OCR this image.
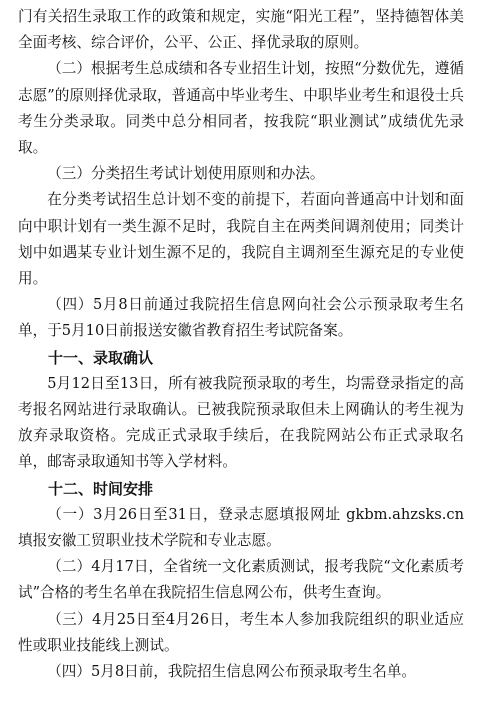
门有关招生录取工作的政策和规定，实施“阳光工程”，坚持德智体美全面考核、综合评价，公平、公正、择优录取的原则。

（二）根据考生总成绩和各专业招生计划，按照“分数优先，遵循志愿”的原则择优录取，普通高中毕业考生、中职毕业考生和退役士兵考生分类录取。同类中总分相同者，按我院“职业测试”成绩优先录取。

（三）分类招生考试计划使用原则和办法。

在分类考试招生总计划不变的前提下，若面向普通高中计划和面向中职计划有一类生源不足时，我院自主在两类间调剂使用；同类计划中如遇某专业计划生源不足的，我院自主调剂至生源充足的专业使用。

（四）5月8日前通过我院招生信息网向社会公示预录取考生名单，于5月10日前报送安徽省教育招生考试院备案。

十一、录取确认

5月12日至13日，所有被我院预录取的考生，均需登录指定的高考报名网站进行录取确认。已被我院预录取但未上网确认的考生视为放弃录取资格。完成正式录取手续后，在我院网站公布正式录取名单，邮寄录取通知书等入学材料。

十二、时间安排

（一）3月26日至31日，登录志愿填报网址 gkbm.ahzsks.cn 填报安徽工贸职业技术学院和专业志愿。

（二）4月17日，全省统一文化素质测试，报考我院“文化素质考试”合格的考生名单在我院招生信息网公布，供考生查询。

（三）4月25日至4月26日，考生本人参加我院组织的职业适应性或职业技能线上测试。

（四）5月8日前，我院招生信息网公布预录取考生名单。
